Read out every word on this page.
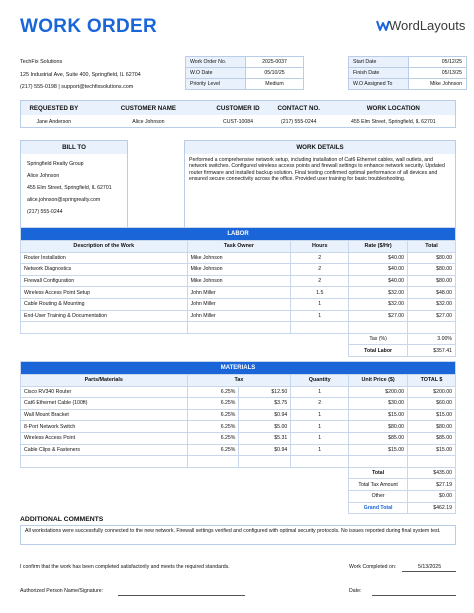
WORK ORDER	WordLayouts
TechFix Solutions
125 Industrial Ave, Suite 400, Springfield, IL 62704
(217) 555-0198 | support@techfixsolutions.com
Work Order No.	2025-0037
W.O Date	05/10/25
Priority Level	Medium
Start Date	05/12/25
Finish Date	05/13/25
W.O Assigned To	Mike Johnson
REQUESTED BY	CUSTOMER NAME	CUSTOMER ID	CONTACT NO.	WORK LOCATION
Jane Anderson	Alice Johnson	CUST-10084	(217) 555-0244	455 Elm Street, Springfield, IL 62701
BILL TO
Springfield Realty Group
Alice Johnson
455 Elm Street, Springfield, IL 62701
alice.johnson@springrealty.com
(217) 555-0244
WORK DETAILS
Performed a comprehensive network setup, including installation of Cat6 Ethernet cables, wall outlets, and network switches. Configured wireless access points and firewall settings to enhance network security. Updated router firmware and installed backup solution. Final testing confirmed optimal performance of all devices and ensured secure connectivity across the office. Provided user training for basic troubleshooting.
LABOR				
Description of the Work	Task Owner	Hours	Rate ($/Hr)	Total
Router Installation	Mike Johnson	2	$40.00	$80.00
Network Diagnostics	Mike Johnson	2	$40.00	$80.00
Firewall Configuration	Mike Johnson	2	$40.00	$80.00
Wireless Access Point Setup	John Miller	1.5	$32.00	$48.00
Cable Routing & Mounting	John Miller	1	$32.00	$32.00
End-User Training & Documentation	John Miller	1	$27.00	$27.00

			Tax (%)	3.00%
			Total Labor	$357.41
MATERIALS					
Parts/Materials	Tax		Quantity	Unit Price ($)	TOTAL $
Cisco RV340 Router	6.25%	$12.50	1	$200.00	$200.00
Cat6 Ethernet Cable (100ft)	6.25%	$3.75	2	$30.00	$60.00
Wall Mount Bracket	6.25%	$0.94	1	$15.00	$15.00
8-Port Network Switch	6.25%	$5.00	1	$80.00	$80.00
Wireless Access Point	6.25%	$5.31	1	$85.00	$85.00
Cable Clips & Fasteners	6.25%	$0.94	1	$15.00	$15.00

				Total	$435.00
				Total Tax Amount	$27.19
				Other	$0.00
				Grand Total	$462.19
ADDITIONAL COMMENTS
All workstations were successfully connected to the new network. Firewall settings verified and configured with optimal security protocols. No issues reported during final system test.
I confirm that the work has been completed satisfactorily and meets the required standards.	Work Completed on:	5/13/2025
Authorized Person Name/Signature:	Date:
